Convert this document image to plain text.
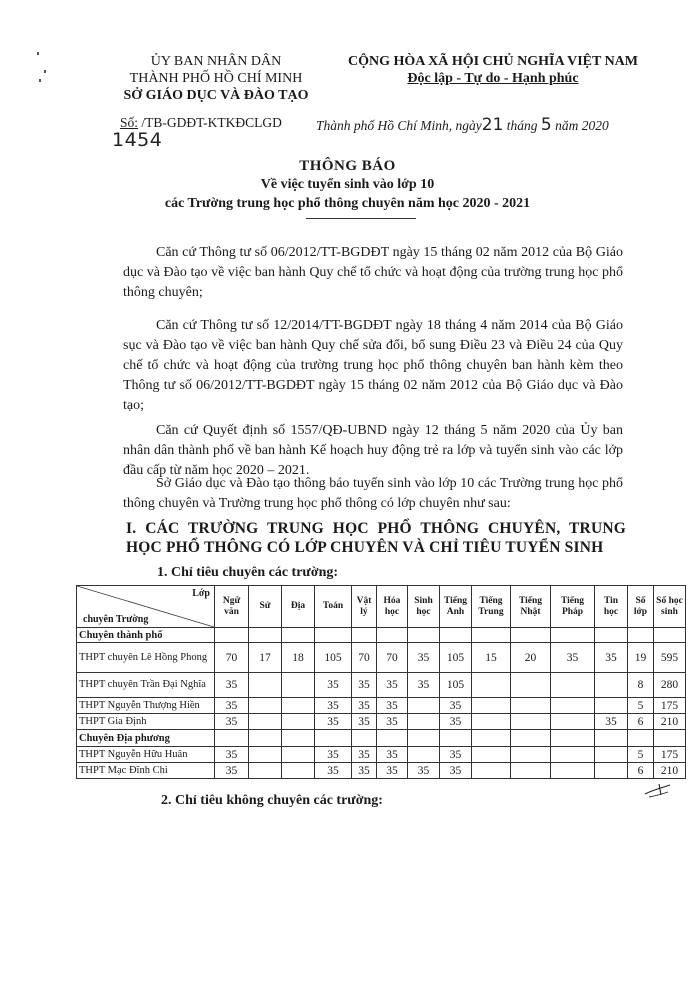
ỦY BAN NHÂN DÂN
THÀNH PHỐ HỒ CHÍ MINH
SỞ GIÁO DỤC VÀ ĐÀO TẠO
CỘNG HÒA XÃ HỘI CHỦ NGHĨA VIỆT NAM
Độc lập - Tự do - Hạnh phúc
Số: /TB-GDĐT-KTKĐCLGD
1454
Thành phố Hồ Chí Minh, ngày21 tháng 5 năm 2020
THÔNG BÁO
Về việc tuyển sinh vào lớp 10
các Trường trung học phổ thông chuyên năm học 2020 - 2021
Căn cứ Thông tư số 06/2012/TT-BGDĐT ngày 15 tháng 02 năm 2012 của Bộ Giáo dục và Đào tạo về việc ban hành Quy chế tổ chức và hoạt động của trường trung học phổ thông chuyên;
Căn cứ Thông tư số 12/2014/TT-BGDĐT ngày 18 tháng 4 năm 2014 của Bộ Giáo sục và Đào tạo về việc ban hành Quy chế sửa đổi, bổ sung Điều 23 và Điều 24 của Quy chế tổ chức và hoạt động của trường trung học phổ thông chuyên ban hành kèm theo Thông tư số 06/2012/TT-BGDĐT ngày 15 tháng 02 năm 2012 của Bộ Giáo dục và Đào tạo;
Căn cứ Quyết định số 1557/QĐ-UBND ngày 12 tháng 5 năm 2020 của Ủy ban nhân dân thành phố về ban hành Kế hoạch huy động trẻ ra lớp và tuyển sinh vào các lớp đầu cấp từ năm học 2020 – 2021.
Sở Giáo dục và Đào tạo thông báo tuyển sinh vào lớp 10 các Trường trung học phổ thông chuyên và Trường trung học phổ thông có lớp chuyên như sau:
I. CÁC TRƯỜNG TRUNG HỌC PHỔ THÔNG CHUYÊN, TRUNG HỌC PHỔ THÔNG CÓ LỚP CHUYÊN VÀ CHỈ TIÊU TUYỂN SINH
1. Chỉ tiêu chuyên các trường:
Lớp
chuyên Trường	Ngữ văn	Sử	Địa	Toán	Vật lý	Hóa học	Sinh học	Tiếng Anh	Tiếng Trung	Tiếng Nhật	Tiếng Pháp	Tin học	Số lớp	Số học sinh
Chuyên thành phố														
THPT chuyên Lê Hồng Phong	70	17	18	105	70	70	35	105	15	20	35	35	19	595
THPT chuyên Trần Đại Nghĩa	35			35	35	35	35	105					8	280
THPT Nguyễn Thượng Hiền	35			35	35	35		35					5	175
THPT Gia Định	35			35	35	35		35				35	6	210
Chuyên Địa phương														
THPT Nguyễn Hữu Huân	35			35	35	35		35					5	175
THPT Mạc Đĩnh Chi	35			35	35	35	35	35					6	210
2. Chỉ tiêu không chuyên các trường:
